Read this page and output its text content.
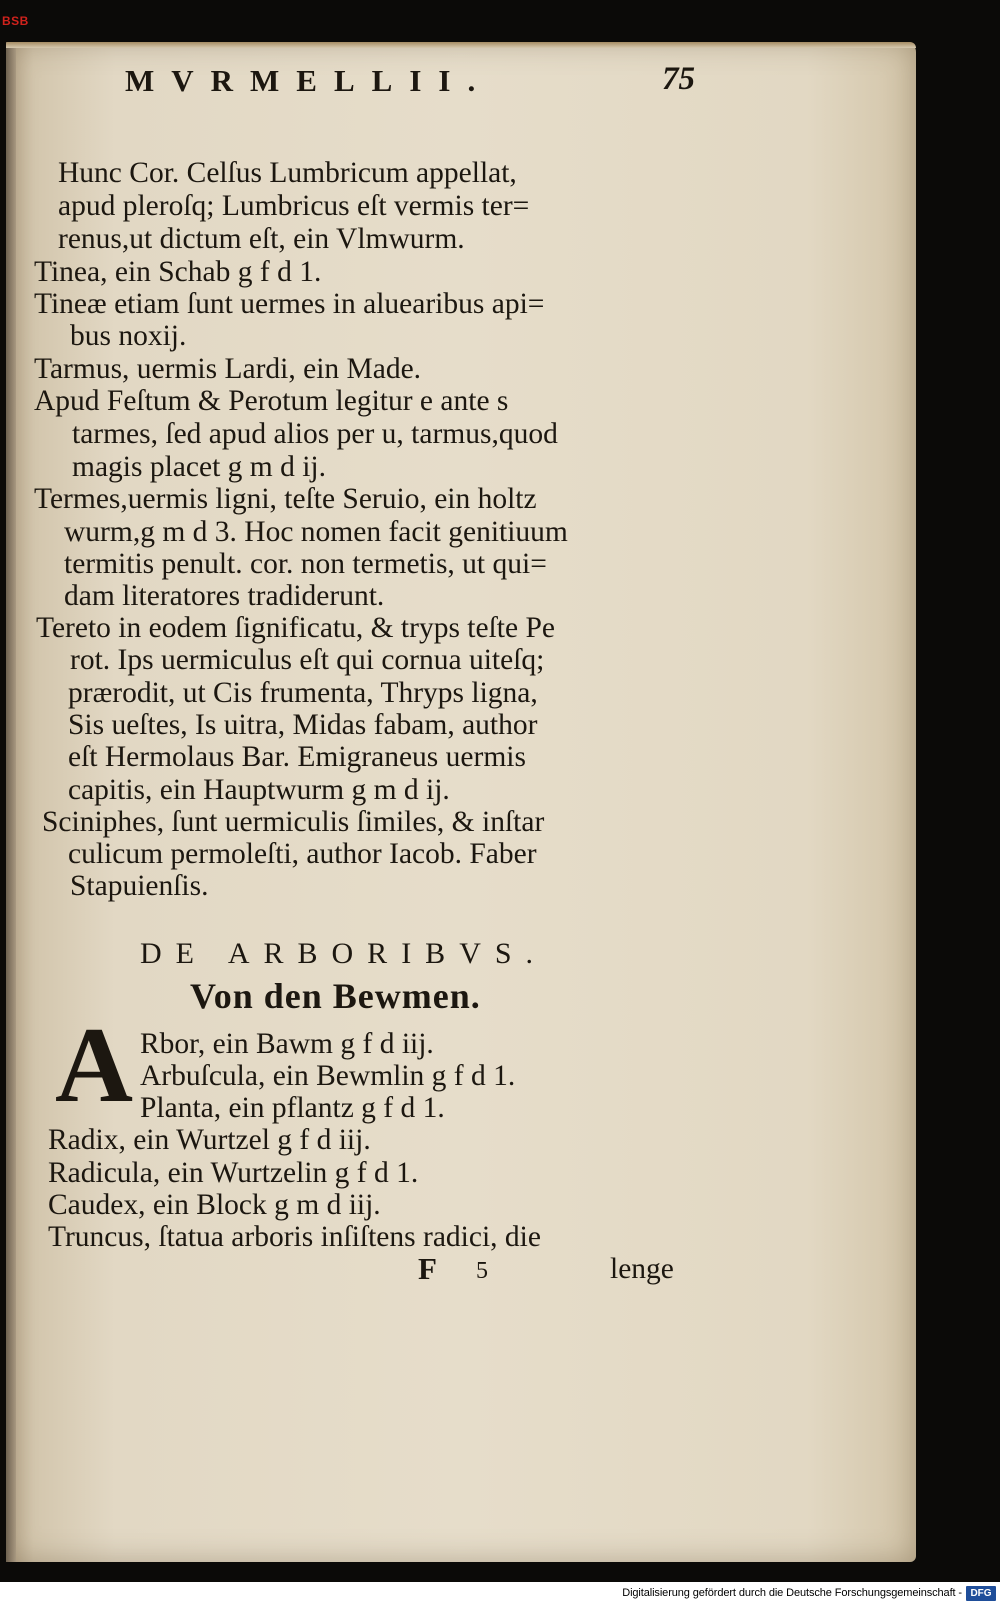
BSB
MVRMELLII.	75
Hunc Cor. Celſus Lumbricum appellat,
apud pleroſq; Lumbricus eſt vermis ter=
renus,ut dictum eſt, ein Vlmwurm.
Tinea, ein Schab g f d 1.
Tineæ etiam ſunt uermes in aluearibus api=
bus noxij.
Tarmus, uermis Lardi, ein Made.
Apud Feſtum & Perotum legitur e ante s
tarmes, ſed apud alios per u, tarmus,quod
magis placet g m d ij.
Termes,uermis ligni, teſte Seruio, ein holtz
wurm,g m d 3. Hoc nomen facit genitiuum
termitis penult. cor. non termetis, ut qui=
dam literatores tradiderunt.
Tereto in eodem ſignificatu, & tryps teſte Pe
rot. Ips uermiculus eſt qui cornua uiteſq;
prærodit, ut Cis frumenta, Thryps ligna,
Sis ueſtes, Is uitra, Midas fabam, author
eſt Hermolaus Bar. Emigraneus uermis
capitis, ein Hauptwurm g m d ij.
Sciniphes, ſunt uermiculis ſimiles, & inſtar
culicum permoleſti, author Iacob. Faber
Stapuienſis.
DE ARBORIBVS.
Von den Bewmen.
A Rbor, ein Bawm g f d iij.
Arbuſcula, ein Bewmlin g f d 1.
Planta, ein pflantz g f d 1.
Radix, ein Wurtzel g f d iij.
Radicula, ein Wurtzelin g f d 1.
Caudex, ein Block g m d iij.
Truncus, ſtatua arboris inſiſtens radici, die
F 5	lenge
Digitalisierung gefördert durch die Deutsche Forschungsgemeinschaft - DFG
